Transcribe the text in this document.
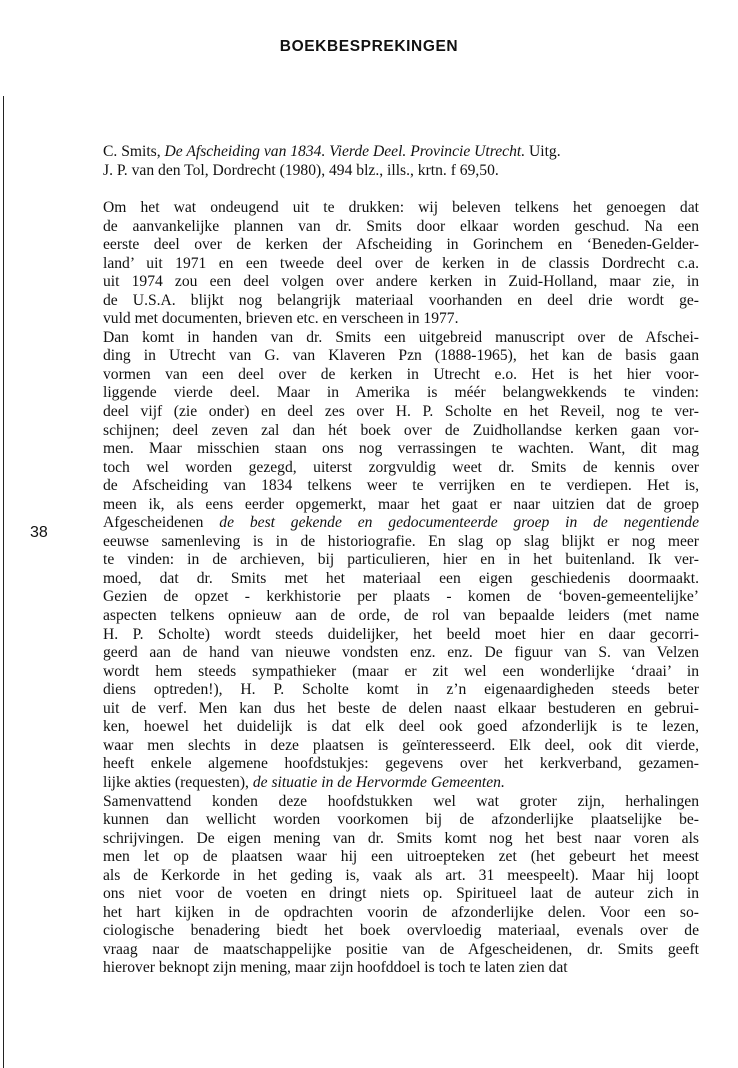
BOEKBESPREKINGEN
38
C. Smits, De Afscheiding van 1834. Vierde Deel. Provincie Utrecht. Uitg.
J. P. van den Tol, Dordrecht (1980), 494 blz., ills., krtn. f 69,50.
Om het wat ondeugend uit te drukken: wij beleven telkens het genoegen dat
de aanvankelijke plannen van dr. Smits door elkaar worden geschud. Na een
eerste deel over de kerken der Afscheiding in Gorinchem en ‘Beneden-Gelder-
land’ uit 1971 en een tweede deel over de kerken in de classis Dordrecht c.a.
uit 1974 zou een deel volgen over andere kerken in Zuid-Holland, maar zie, in
de U.S.A. blijkt nog belangrijk materiaal voorhanden en deel drie wordt ge-
vuld met documenten, brieven etc. en verscheen in 1977.
Dan komt in handen van dr. Smits een uitgebreid manuscript over de Afschei-
ding in Utrecht van G. van Klaveren Pzn (1888-1965), het kan de basis gaan
vormen van een deel over de kerken in Utrecht e.o. Het is het hier voor-
liggende vierde deel. Maar in Amerika is méér belangwekkends te vinden:
deel vijf (zie onder) en deel zes over H. P. Scholte en het Reveil, nog te ver-
schijnen; deel zeven zal dan hét boek over de Zuidhollandse kerken gaan vor-
men. Maar misschien staan ons nog verrassingen te wachten. Want, dit mag
toch wel worden gezegd, uiterst zorgvuldig weet dr. Smits de kennis over
de Afscheiding van 1834 telkens weer te verrijken en te verdiepen. Het is,
meen ik, als eens eerder opgemerkt, maar het gaat er naar uitzien dat de groep
Afgescheidenen de best gekende en gedocumenteerde groep in de negentiende
eeuwse samenleving is in de historiografie. En slag op slag blijkt er nog meer
te vinden: in de archieven, bij particulieren, hier en in het buitenland. Ik ver-
moed, dat dr. Smits met het materiaal een eigen geschiedenis doormaakt.
Gezien de opzet - kerkhistorie per plaats - komen de ‘boven-gemeentelijke’
aspecten telkens opnieuw aan de orde, de rol van bepaalde leiders (met name
H. P. Scholte) wordt steeds duidelijker, het beeld moet hier en daar gecorri-
geerd aan de hand van nieuwe vondsten enz. enz. De figuur van S. van Velzen
wordt hem steeds sympathieker (maar er zit wel een wonderlijke ‘draai’ in
diens optreden!), H. P. Scholte komt in z’n eigenaardigheden steeds beter
uit de verf. Men kan dus het beste de delen naast elkaar bestuderen en gebrui-
ken, hoewel het duidelijk is dat elk deel ook goed afzonderlijk is te lezen,
waar men slechts in deze plaatsen is geïnteresseerd. Elk deel, ook dit vierde,
heeft enkele algemene hoofdstukjes: gegevens over het kerkverband, gezamen-
lijke akties (requesten), de situatie in de Hervormde Gemeenten.
Samenvattend konden deze hoofdstukken wel wat groter zijn, herhalingen
kunnen dan wellicht worden voorkomen bij de afzonderlijke plaatselijke be-
schrijvingen. De eigen mening van dr. Smits komt nog het best naar voren als
men let op de plaatsen waar hij een uitroepteken zet (het gebeurt het meest
als de Kerkorde in het geding is, vaak als art. 31 meespeelt). Maar hij loopt
ons niet voor de voeten en dringt niets op. Spiritueel laat de auteur zich in
het hart kijken in de opdrachten voorin de afzonderlijke delen. Voor een so-
ciologische benadering biedt het boek overvloedig materiaal, evenals over de
vraag naar de maatschappelijke positie van de Afgescheidenen, dr. Smits geeft
hierover beknopt zijn mening, maar zijn hoofddoel is toch te laten zien dat
